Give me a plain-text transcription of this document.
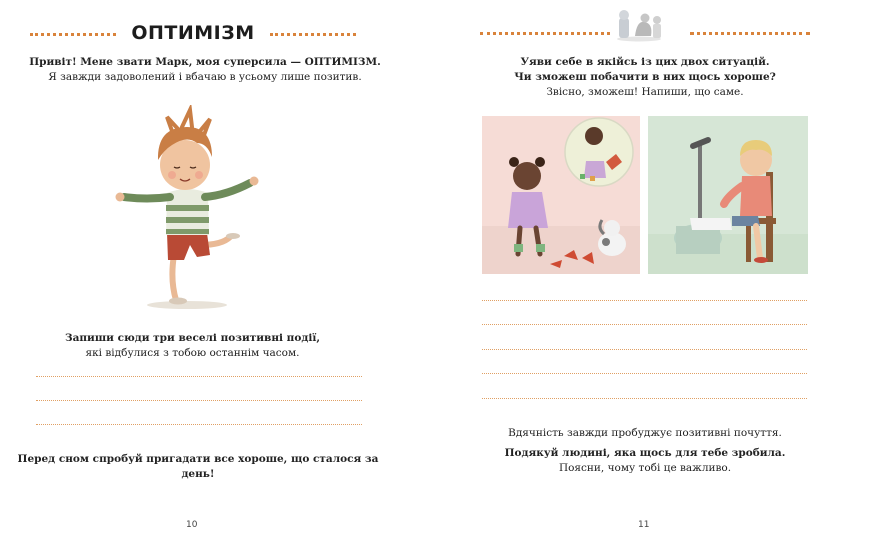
ОПТИМІЗМ
Привіт! Мене звати Марк, моя суперсила — ОПТИМІЗМ.
Я завжди задоволений і вбачаю в усьому лише позитив.
Запиши сюди три веселі позитивні події,
які відбулися з тобою останнім часом.
Перед сном спробуй пригадати все хороше, що сталося за день!
10
Уяви себе в якійсь із цих двох ситуацій.
Чи зможеш побачити в них щось хороше?
Звісно, зможеш! Напиши, що саме.
Вдячність завжди пробуджує позитивні почуття.
Подякуй людині, яка щось для тебе зробила.
Поясни, чому тобі це важливо.
11
